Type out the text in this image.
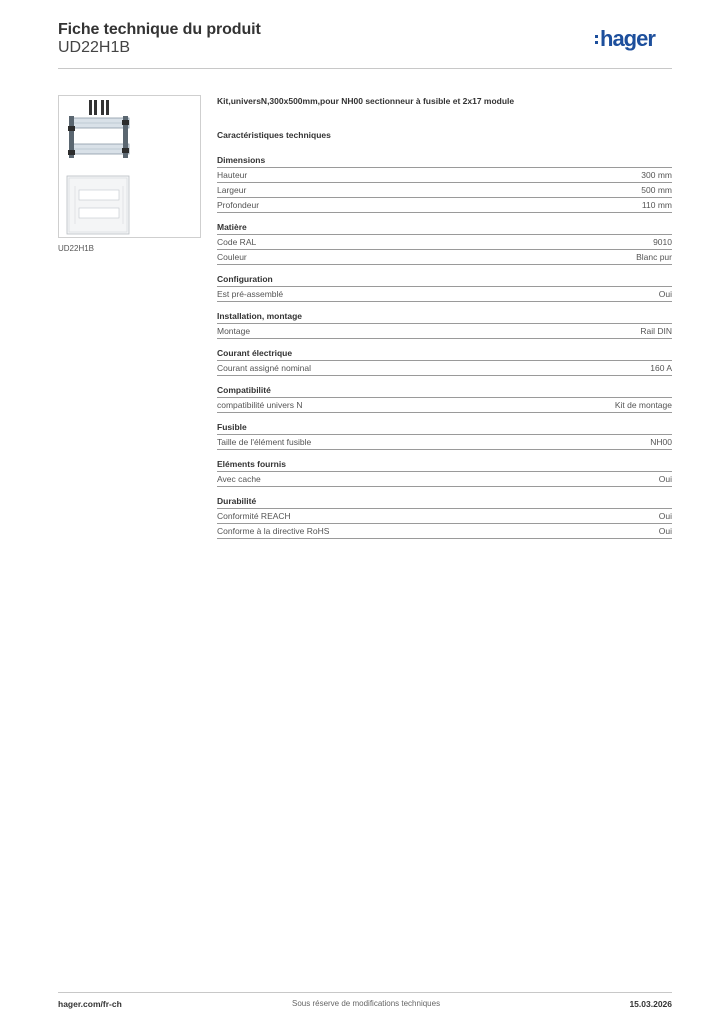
Fiche technique du produit
UD22H1B	hager
UD22H1B
Kit,universN,300x500mm,pour NH00 sectionneur à fusible et 2x17 module
Caractéristiques techniques
Dimensions
Hauteur	300 mm
Largeur	500 mm
Profondeur	110 mm
Matière
Code RAL	9010
Couleur	Blanc pur
Configuration
Est pré-assemblé	Oui
Installation, montage
Montage	Rail DIN
Courant électrique
Courant assigné nominal	160 A
Compatibilité
compatibilité univers N	Kit de montage
Fusible
Taille de l'élément fusible	NH00
Eléments fournis
Avec cache	Oui
Durabilité
Conformité REACH	Oui
Conforme à la directive RoHS	Oui
hager.com/fr-ch	Sous réserve de modifications techniques	15.03.2026
